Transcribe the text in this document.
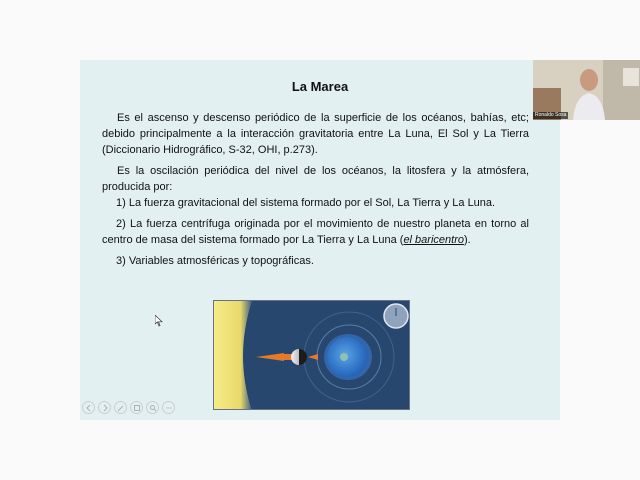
La Marea

Es el ascenso y descenso periódico de la superficie de los océanos, bahías, etc; debido principalmente a la interacción gravitatoria entre La Luna, El Sol y La Tierra (Diccionario Hidrográfico, S-32, OHI, p.273).

Es la oscilación periódica del nivel de los océanos, la litosfera y la atmósfera, producida por:

1) La fuerza gravitacional del sistema formado por el Sol, La Tierra y La Luna.

2) La fuerza centrífuga originada por el movimiento de nuestro planeta en torno al centro de masa del sistema formado por La Tierra y La Luna (el baricentro).

3) Variables atmosféricas y topográficas.

Ronaldo Sosa
